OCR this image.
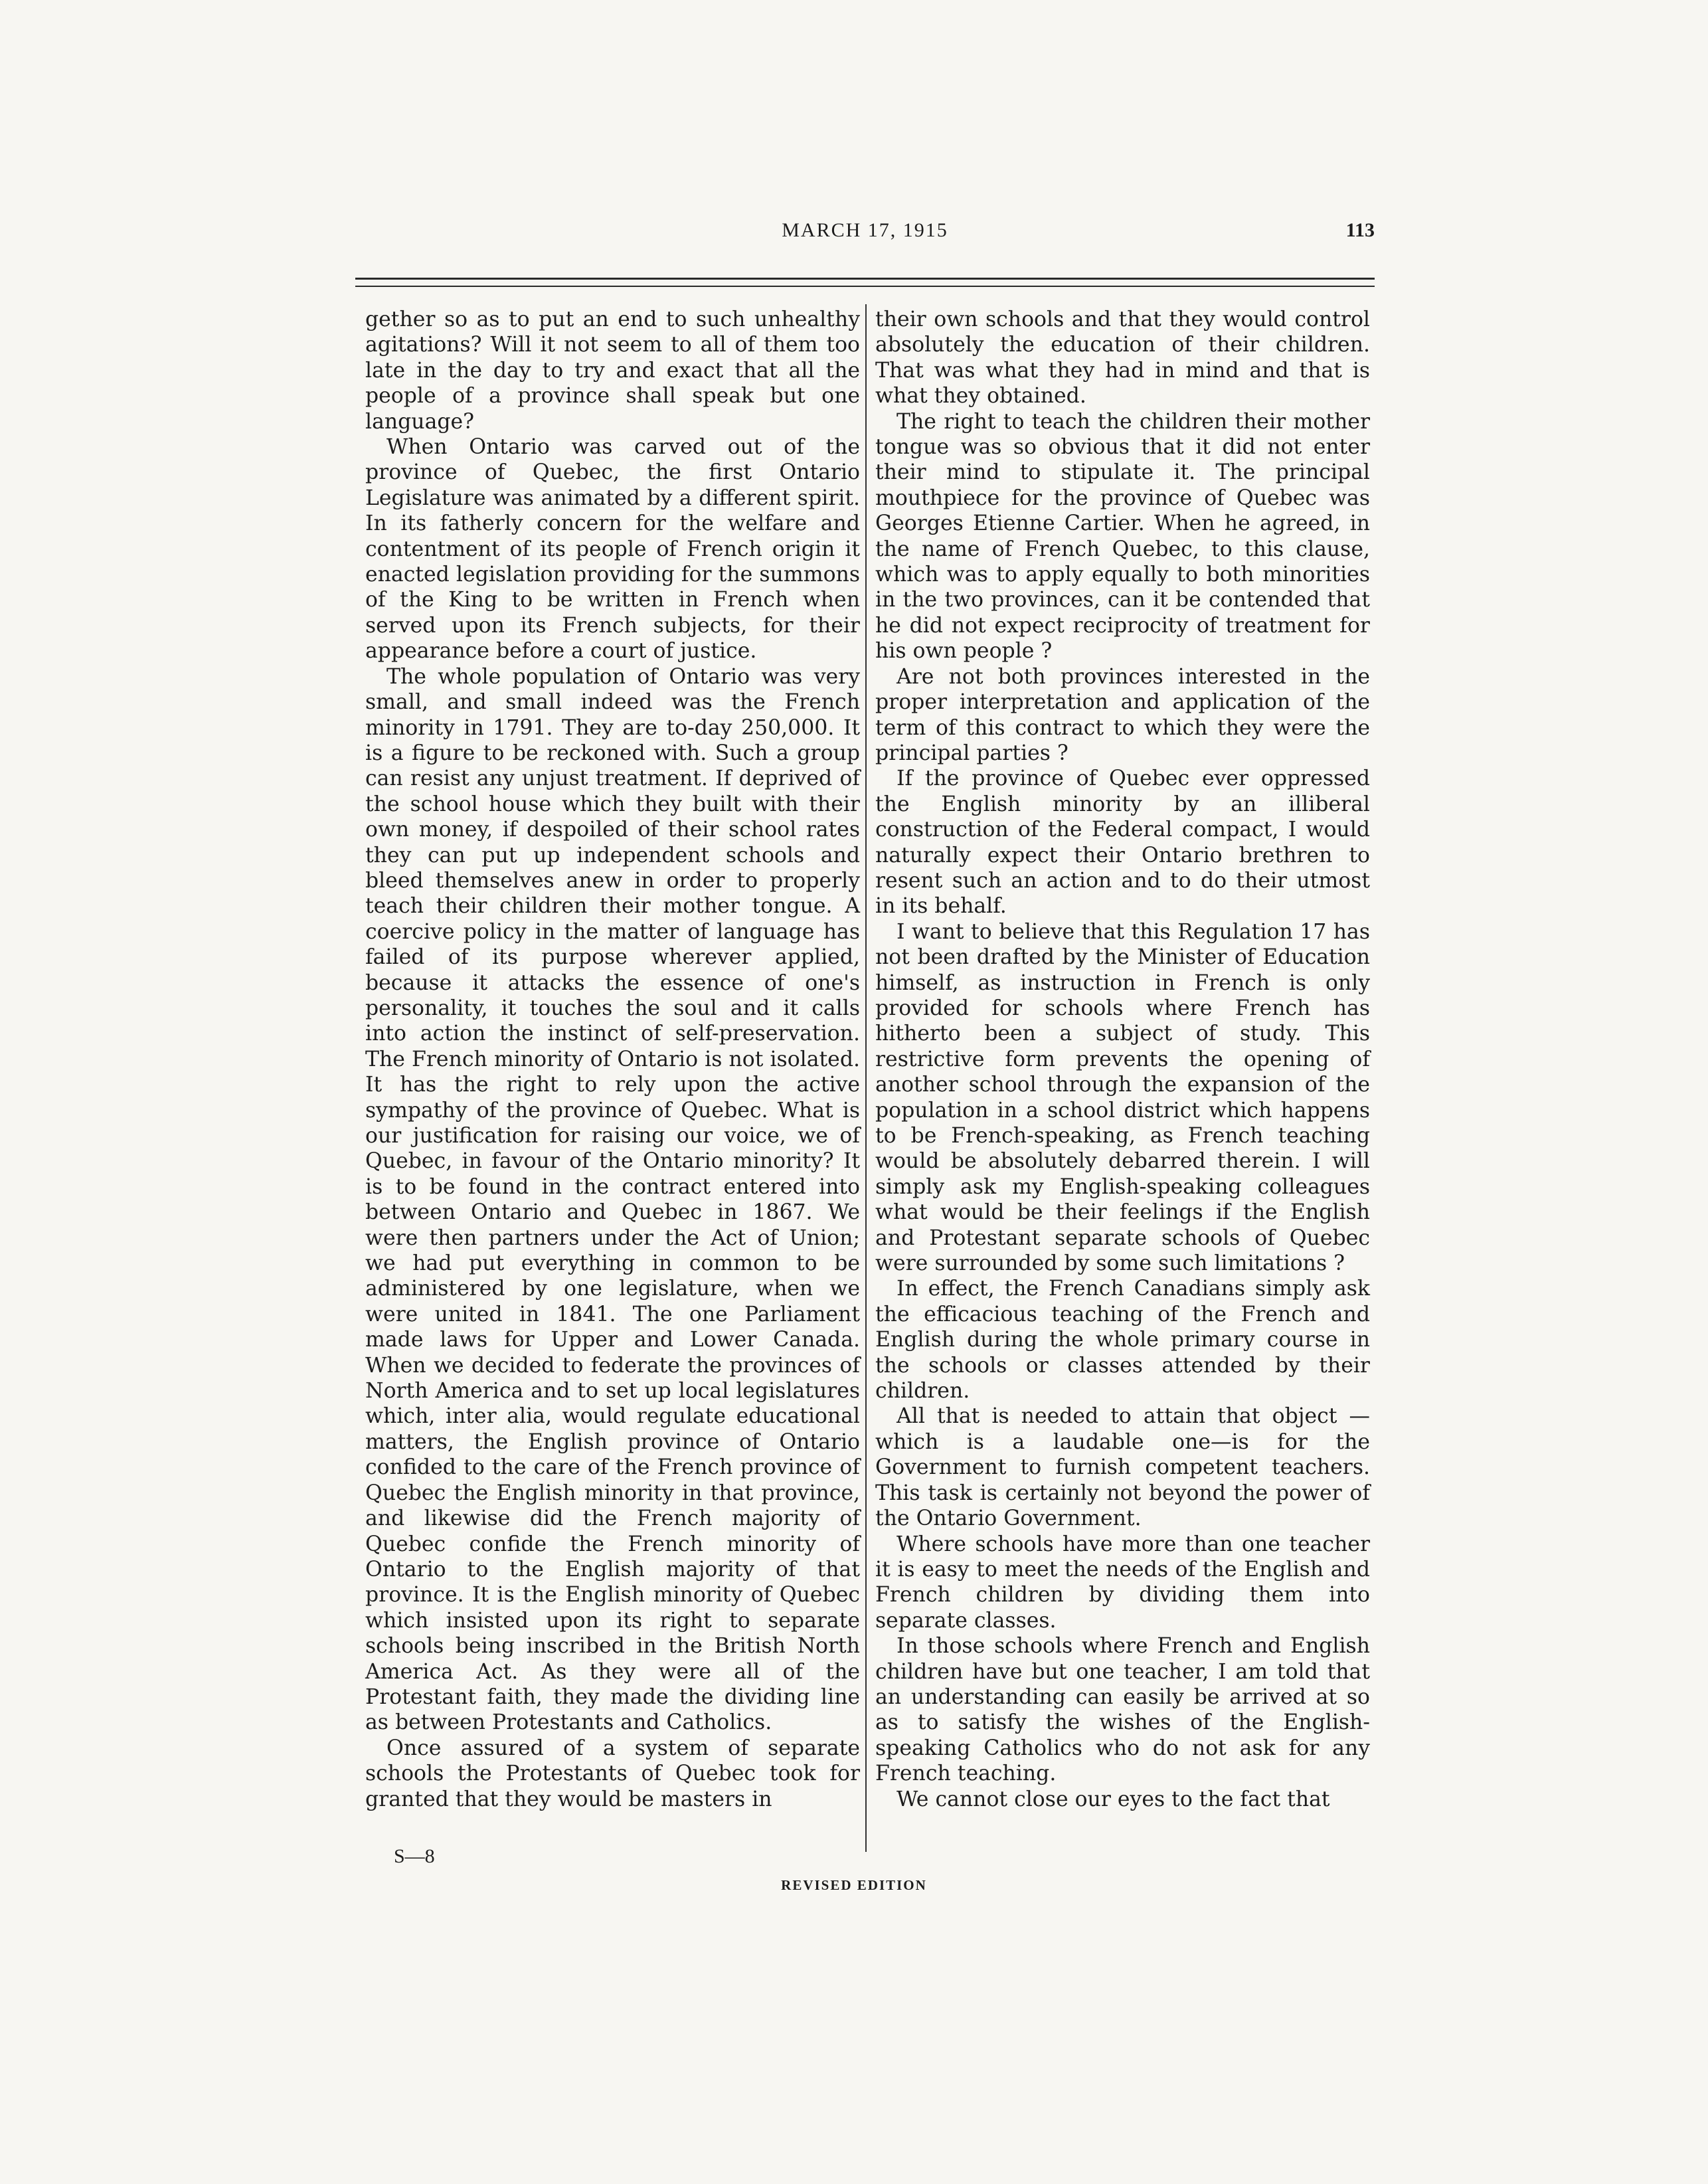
MARCH 17, 1915	113

gether so as to put an end to such unhealthy agitations? Will it not seem to all of them too late in the day to try and exact that all the people of a province shall speak but one language?

When Ontario was carved out of the province of Quebec, the first Ontario Legislature was animated by a different spirit. In its fatherly concern for the welfare and contentment of its people of French origin it enacted legislation providing for the summons of the King to be written in French when served upon its French subjects, for their appearance before a court of justice.

The whole population of Ontario was very small, and small indeed was the French minority in 1791. They are to-day 250,000. It is a figure to be reckoned with. Such a group can resist any unjust treatment. If deprived of the school house which they built with their own money, if despoiled of their school rates they can put up independent schools and bleed themselves anew in order to properly teach their children their mother tongue. A coercive policy in the matter of language has failed of its purpose wherever applied, because it attacks the essence of one's personality, it touches the soul and it calls into action the instinct of self-preservation. The French minority of Ontario is not isolated. It has the right to rely upon the active sympathy of the province of Quebec. What is our justification for raising our voice, we of Quebec, in favour of the Ontario minority? It is to be found in the contract entered into between Ontario and Quebec in 1867. We were then partners under the Act of Union; we had put everything in common to be administered by one legislature, when we were united in 1841. The one Parliament made laws for Upper and Lower Canada. When we decided to federate the provinces of North America and to set up local legislatures which, inter alia, would regulate educational matters, the English province of Ontario confided to the care of the French province of Quebec the English minority in that province, and likewise did the French majority of Quebec confide the French minority of Ontario to the English majority of that province. It is the English minority of Quebec which insisted upon its right to separate schools being inscribed in the British North America Act. As they were all of the Protestant faith, they made the dividing line as between Protestants and Catholics.

Once assured of a system of separate schools the Protestants of Quebec took for granted that they would be masters in

their own schools and that they would control absolutely the education of their children. That was what they had in mind and that is what they obtained.

The right to teach the children their mother tongue was so obvious that it did not enter their mind to stipulate it. The principal mouthpiece for the province of Quebec was Georges Etienne Cartier. When he agreed, in the name of French Quebec, to this clause, which was to apply equally to both minorities in the two provinces, can it be contended that he did not expect reciprocity of treatment for his own people ?

Are not both provinces interested in the proper interpretation and application of the term of this contract to which they were the principal parties ?

If the province of Quebec ever oppressed the English minority by an illiberal construction of the Federal compact, I would naturally expect their Ontario brethren to resent such an action and to do their utmost in its behalf.

I want to believe that this Regulation 17 has not been drafted by the Minister of Education himself, as instruction in French is only provided for schools where French has hitherto been a subject of study. This restrictive form prevents the opening of another school through the expansion of the population in a school district which happens to be French-speaking, as French teaching would be absolutely debarred therein. I will simply ask my English-speaking colleagues what would be their feelings if the English and Protestant separate schools of Quebec were surrounded by some such limitations ?

In effect, the French Canadians simply ask the efficacious teaching of the French and English during the whole primary course in the schools or classes attended by their children.

All that is needed to attain that object —which is a laudable one—is for the Government to furnish competent teachers. This task is certainly not beyond the power of the Ontario Government.

Where schools have more than one teacher it is easy to meet the needs of the English and French children by dividing them into separate classes.

In those schools where French and English children have but one teacher, I am told that an understanding can easily be arrived at so as to satisfy the wishes of the English-speaking Catholics who do not ask for any French teaching.

We cannot close our eyes to the fact that

S—8
REVISED EDITION
